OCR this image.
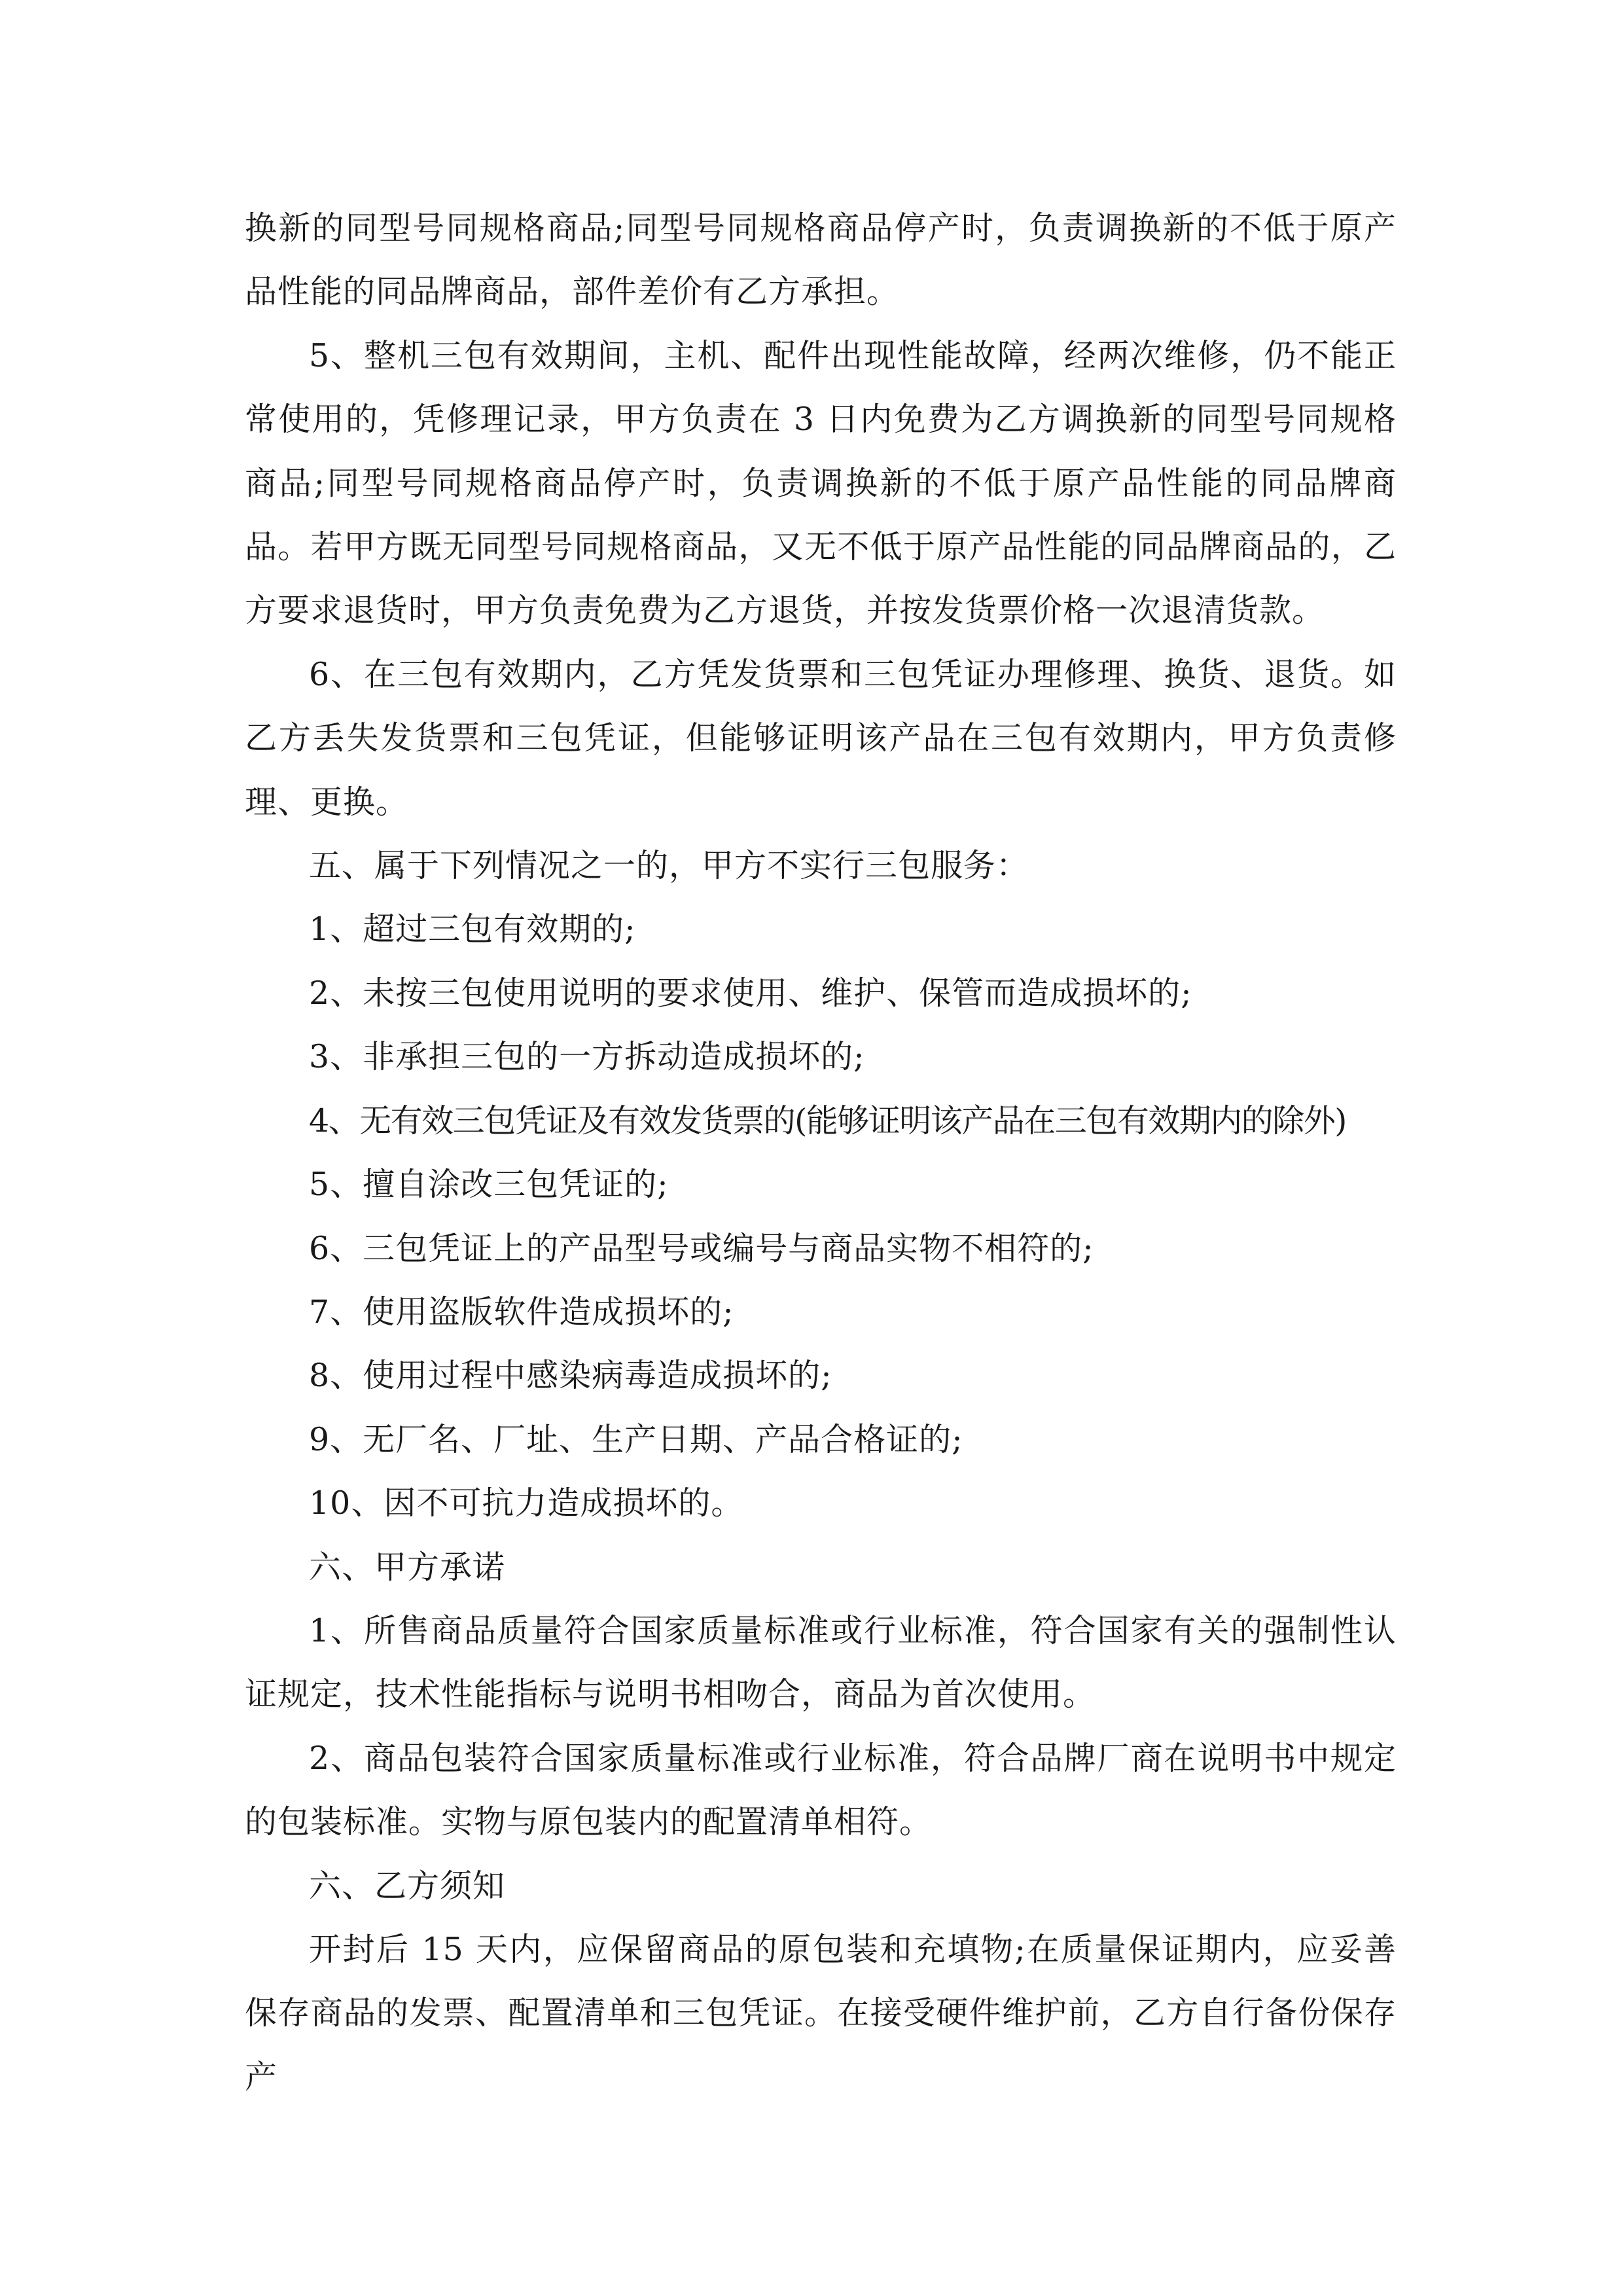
换新的同型号同规格商品;同型号同规格商品停产时，负责调换新的不低于原产品性能的同品牌商品，部件差价有乙方承担。

5、整机三包有效期间，主机、配件出现性能故障，经两次维修，仍不能正常使用的，凭修理记录，甲方负责在 3 日内免费为乙方调换新的同型号同规格商品;同型号同规格商品停产时，负责调换新的不低于原产品性能的同品牌商品。若甲方既无同型号同规格商品，又无不低于原产品性能的同品牌商品的，乙方要求退货时，甲方负责免费为乙方退货，并按发货票价格一次退清货款。

6、在三包有效期内，乙方凭发货票和三包凭证办理修理、换货、退货。如乙方丢失发货票和三包凭证，但能够证明该产品在三包有效期内，甲方负责修理、更换。

五、属于下列情况之一的，甲方不实行三包服务：

1、超过三包有效期的;

2、未按三包使用说明的要求使用、维护、保管而造成损坏的;

3、非承担三包的一方拆动造成损坏的;

4、无有效三包凭证及有效发货票的(能够证明该产品在三包有效期内的除外)

5、擅自涂改三包凭证的;

6、三包凭证上的产品型号或编号与商品实物不相符的;

7、使用盗版软件造成损坏的;

8、使用过程中感染病毒造成损坏的;

9、无厂名、厂址、生产日期、产品合格证的;

10、因不可抗力造成损坏的。

六、甲方承诺

1、所售商品质量符合国家质量标准或行业标准，符合国家有关的强制性认证规定，技术性能指标与说明书相吻合，商品为首次使用。

2、商品包装符合国家质量标准或行业标准，符合品牌厂商在说明书中规定的包装标准。实物与原包装内的配置清单相符。

六、乙方须知

开封后 15 天内，应保留商品的原包装和充填物;在质量保证期内，应妥善保存商品的发票、配置清单和三包凭证。在接受硬件维护前，乙方自行备份保存产
